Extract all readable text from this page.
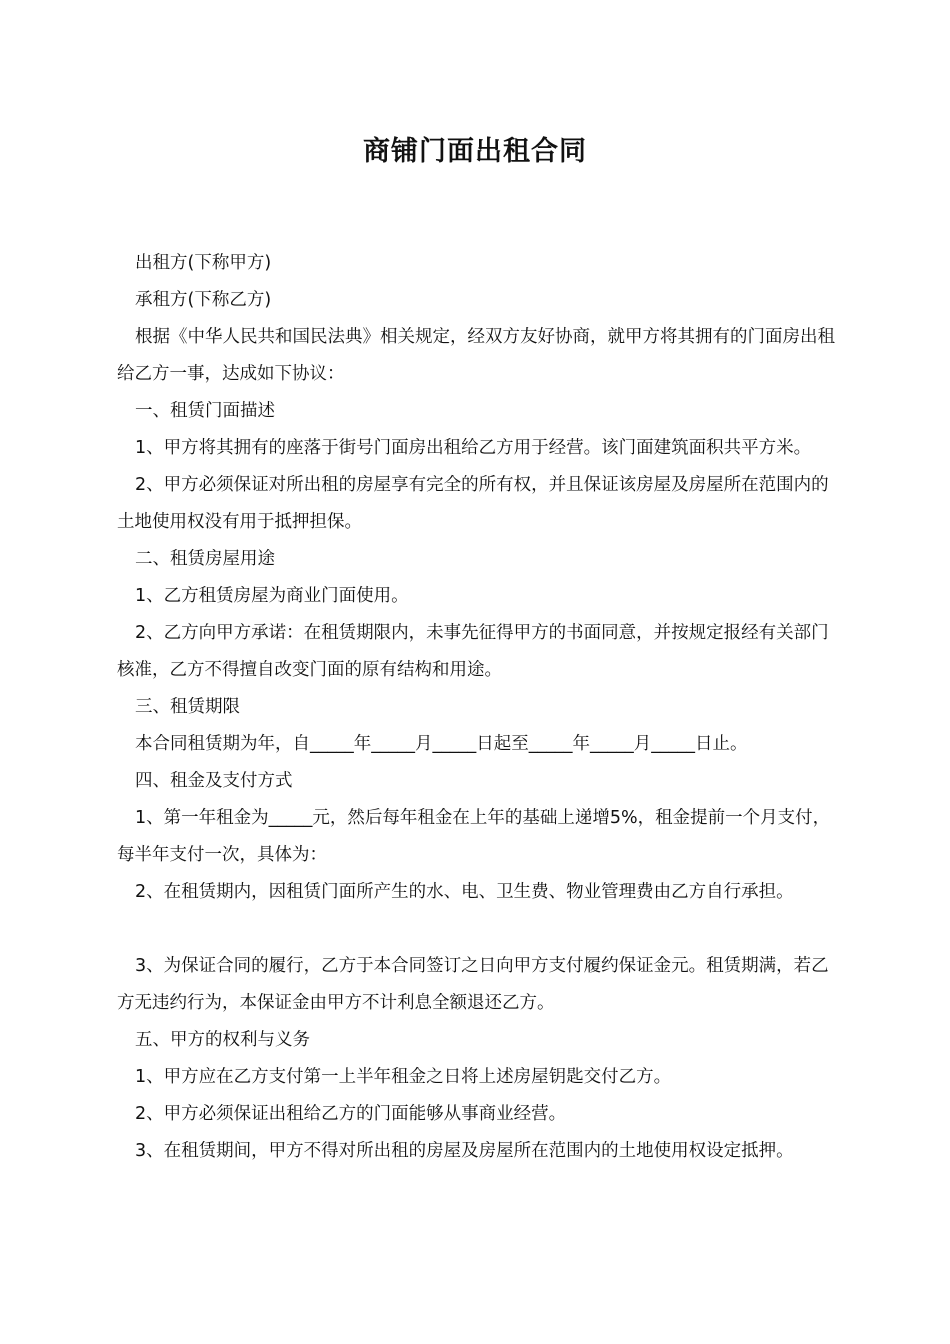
商铺门面出租合同

出租方(下称甲方)

承租方(下称乙方)

根据《中华人民共和国民法典》相关规定，经双方友好协商，就甲方将其拥有的门面房出租给乙方一事，达成如下协议：

一、租赁门面描述

1、甲方将其拥有的座落于街号门面房出租给乙方用于经营。该门面建筑面积共平方米。

2、甲方必须保证对所出租的房屋享有完全的所有权，并且保证该房屋及房屋所在范围内的土地使用权没有用于抵押担保。

二、租赁房屋用途

1、乙方租赁房屋为商业门面使用。

2、乙方向甲方承诺：在租赁期限内，未事先征得甲方的书面同意，并按规定报经有关部门核准，乙方不得擅自改变门面的原有结构和用途。

三、租赁期限

本合同租赁期为年，自_____年_____月_____日起至_____年_____月_____日止。

四、租金及支付方式

1、第一年租金为_____元，然后每年租金在上年的基础上递增5%，租金提前一个月支付，每半年支付一次，具体为：

2、在租赁期内，因租赁门面所产生的水、电、卫生费、物业管理费由乙方自行承担。

3、为保证合同的履行，乙方于本合同签订之日向甲方支付履约保证金元。租赁期满，若乙方无违约行为，本保证金由甲方不计利息全额退还乙方。

五、甲方的权利与义务

1、甲方应在乙方支付第一上半年租金之日将上述房屋钥匙交付乙方。

2、甲方必须保证出租给乙方的门面能够从事商业经营。

3、在租赁期间，甲方不得对所出租的房屋及房屋所在范围内的土地使用权设定抵押。
